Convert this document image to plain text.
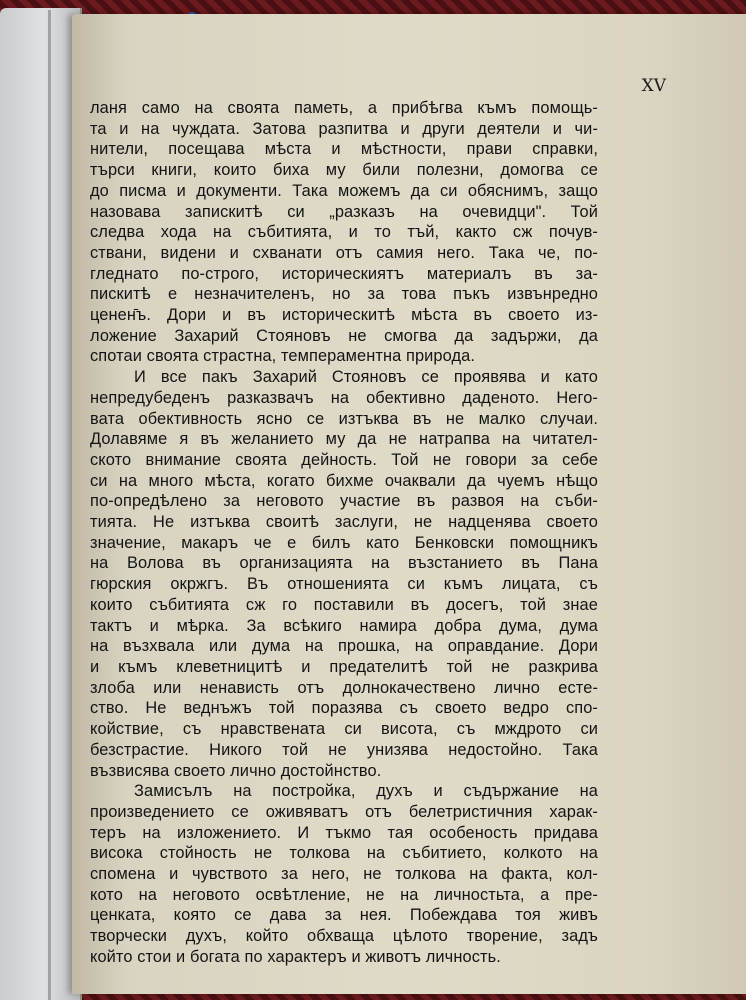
XV

ланя само на своята паметь, а прибѣгва къмъ помощь-
та и на чуждата. Затова разпитва и други деятели и чи-
нители, посещава мѣста и мѣстности, прави справки,
търси книги, които биха му били полезни, домогва се
до писма и документи. Така можемъ да си обяснимъ, защо
назовава запискитѣ си „разказъ на очевидци". Той
следва хода на събитията, и то тъй, както сж почув-
ствани, видени и схванати отъ самия него. Така че, по-
гледнато по-строго, историческиятъ материалъ въ за-
пискитѣ е незначителенъ, но за това пъкъ извънредно
ценен̄ъ. Дори и въ историческитѣ мѣста въ своето из-
ложение Захарий Стояновъ не смогва да задържи, да
спотаи своята страстна, темпераментна природа.
И все пакъ Захарий Стояновъ се проявява и като
непредубеденъ разказвачъ на обективно даденото. Него-
вата обективность ясно се изтъква въ не малко случаи.
Долавяме я въ желанието му да не натрапва на читател-
ското внимание своята дейность. Той не говори за себе
си на много мѣста, когато бихме очаквали да чуемъ нѣщо
по-опредѣлено за неговото участие въ развоя на съби-
тията. Не изтъква своитѣ заслуги, не надценява своето
значение, макаръ че е билъ като Бенковски помощникъ
на Волова въ организацията на възстанието въ Пана
гюрския окржгъ. Въ отношенията си къмъ лицата, съ
които събитията сж го поставили въ досегъ, той знае
тактъ и мѣрка. За всѣкиго намира добра дума, дума
на възхвала или дума на прошка, на оправдание. Дори
и къмъ клеветницитѣ и предателитѣ той не разкрива
злоба или ненависть отъ долнокачествено лично есте-
ство. Не веднъжъ той поразява съ своето ведро спо-
койствие, съ нравствената си висота, съ мждрото си
безстрастие. Никого той не унизява недостойно. Така
възвисява своето лично достойнство.
Замисълъ на постройка, духъ и съдържание на
произведението се оживяватъ отъ белетристичния харак-
теръ на изложението. И тъкмо тая особеность придава
висока стойность не толкова на събитието, колкото на
спомена и чувството за него, не толкова на факта, кол-
кото на неговото освѣтление, не на личностьта, а пре-
ценката, която се дава за нея. Побеждава тоя живъ
творчески духъ, който обхваща цѣлото творение, задъ
който стои и богата по характеръ и животъ личность.
